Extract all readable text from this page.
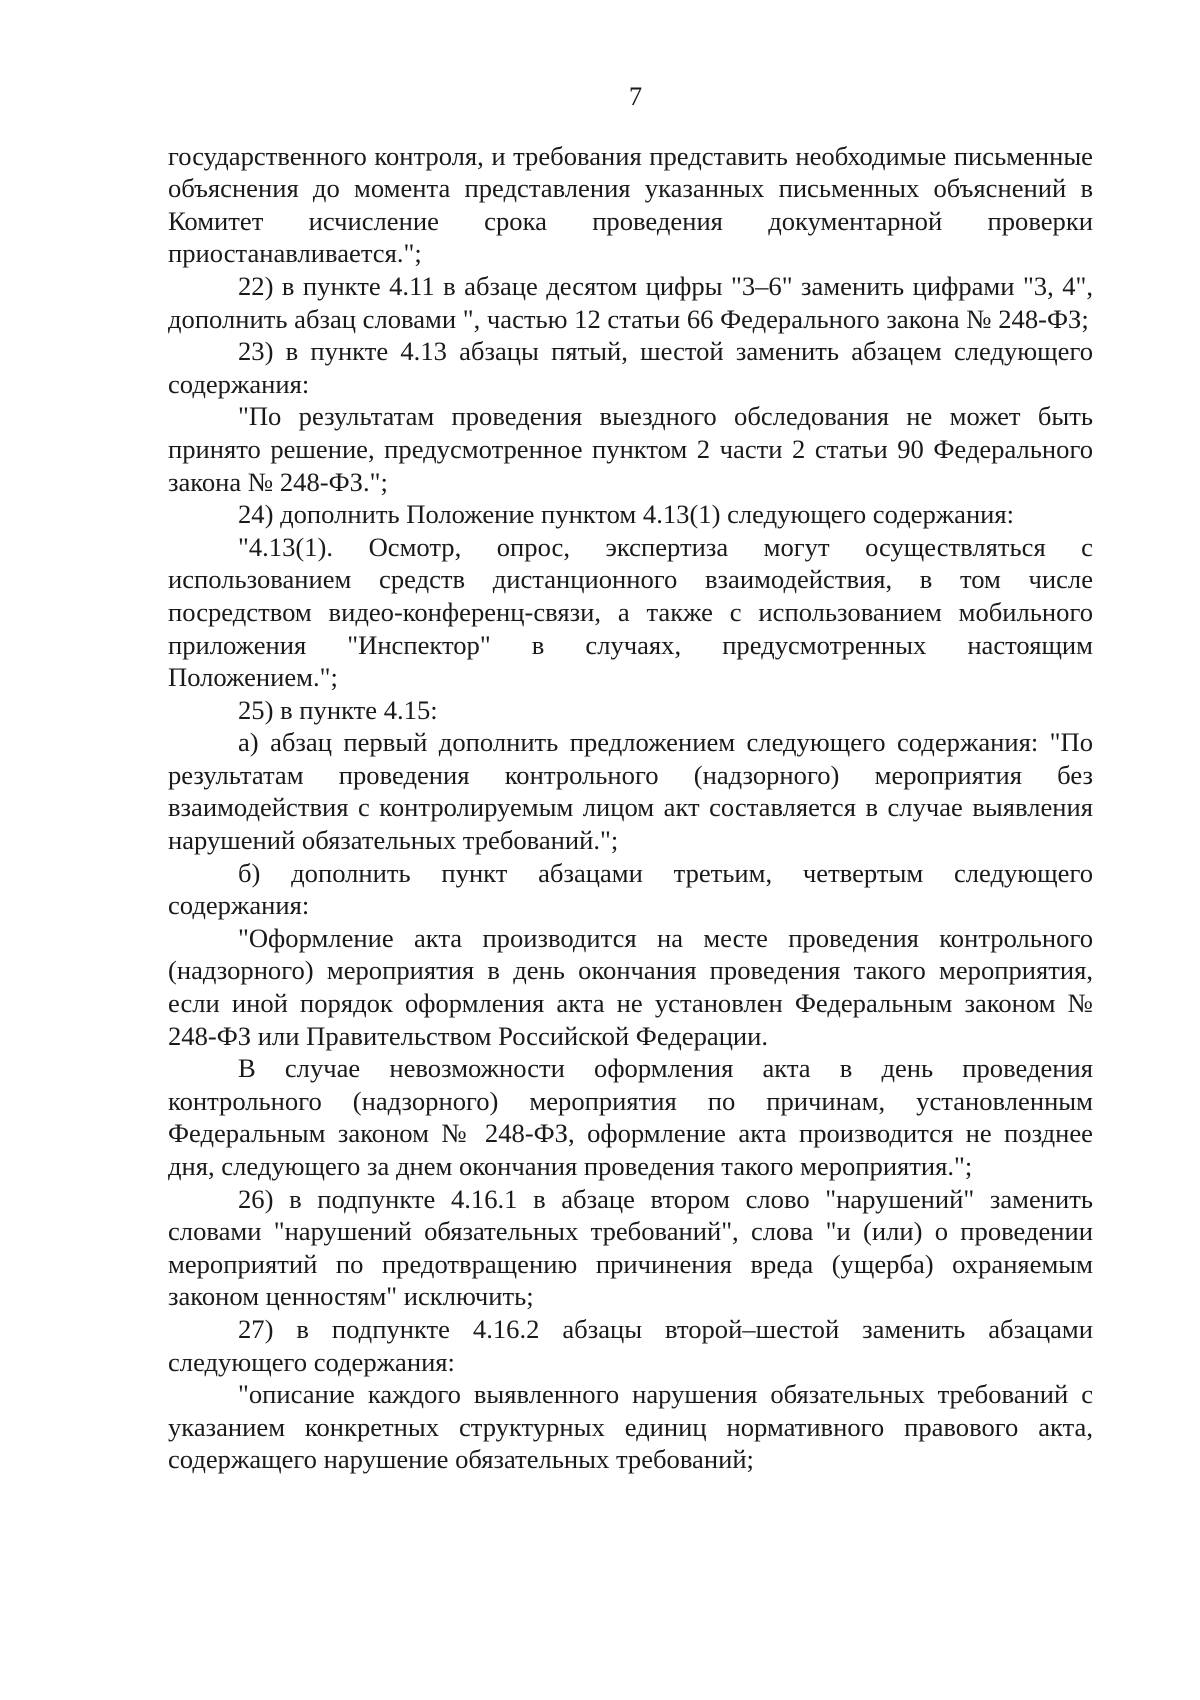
7

государственного контроля, и требования представить необходимые письменные объяснения до момента представления указанных письменных объяснений в Комитет исчисление срока проведения документарной проверки приостанавливается.";

22) в пункте 4.11 в абзаце десятом цифры "3–6" заменить цифрами "3, 4", дополнить абзац словами ", частью 12 статьи 66 Федерального закона № 248-ФЗ;

23) в пункте 4.13 абзацы пятый, шестой заменить абзацем следующего содержания:

"По результатам проведения выездного обследования не может быть принято решение, предусмотренное пунктом 2 части 2 статьи 90 Федерального закона № 248-ФЗ.";

24) дополнить Положение пунктом 4.13(1) следующего содержания:

"4.13(1). Осмотр, опрос, экспертиза могут осуществляться с использованием средств дистанционного взаимодействия, в том числе посредством видео-конференц-связи, а также с использованием мобильного приложения "Инспектор" в случаях, предусмотренных настоящим Положением.";

25) в пункте 4.15:

а) абзац первый дополнить предложением следующего содержания: "По результатам проведения контрольного (надзорного) мероприятия без взаимодействия с контролируемым лицом акт составляется в случае выявления нарушений обязательных требований.";

б) дополнить пункт абзацами третьим, четвертым следующего содержания:

"Оформление акта производится на месте проведения контрольного (надзорного) мероприятия в день окончания проведения такого мероприятия, если иной порядок оформления акта не установлен Федеральным законом № 248-ФЗ или Правительством Российской Федерации.

В случае невозможности оформления акта в день проведения контрольного (надзорного) мероприятия по причинам, установленным Федеральным законом № 248-ФЗ, оформление акта производится не позднее дня, следующего за днем окончания проведения такого мероприятия.";

26) в подпункте 4.16.1 в абзаце втором слово "нарушений" заменить словами "нарушений обязательных требований", слова "и (или) о проведении мероприятий по предотвращению причинения вреда (ущерба) охраняемым законом ценностям" исключить;

27) в подпункте 4.16.2 абзацы второй–шестой заменить абзацами следующего содержания:

"описание каждого выявленного нарушения обязательных требований с указанием конкретных структурных единиц нормативного правового акта, содержащего нарушение обязательных требований;
